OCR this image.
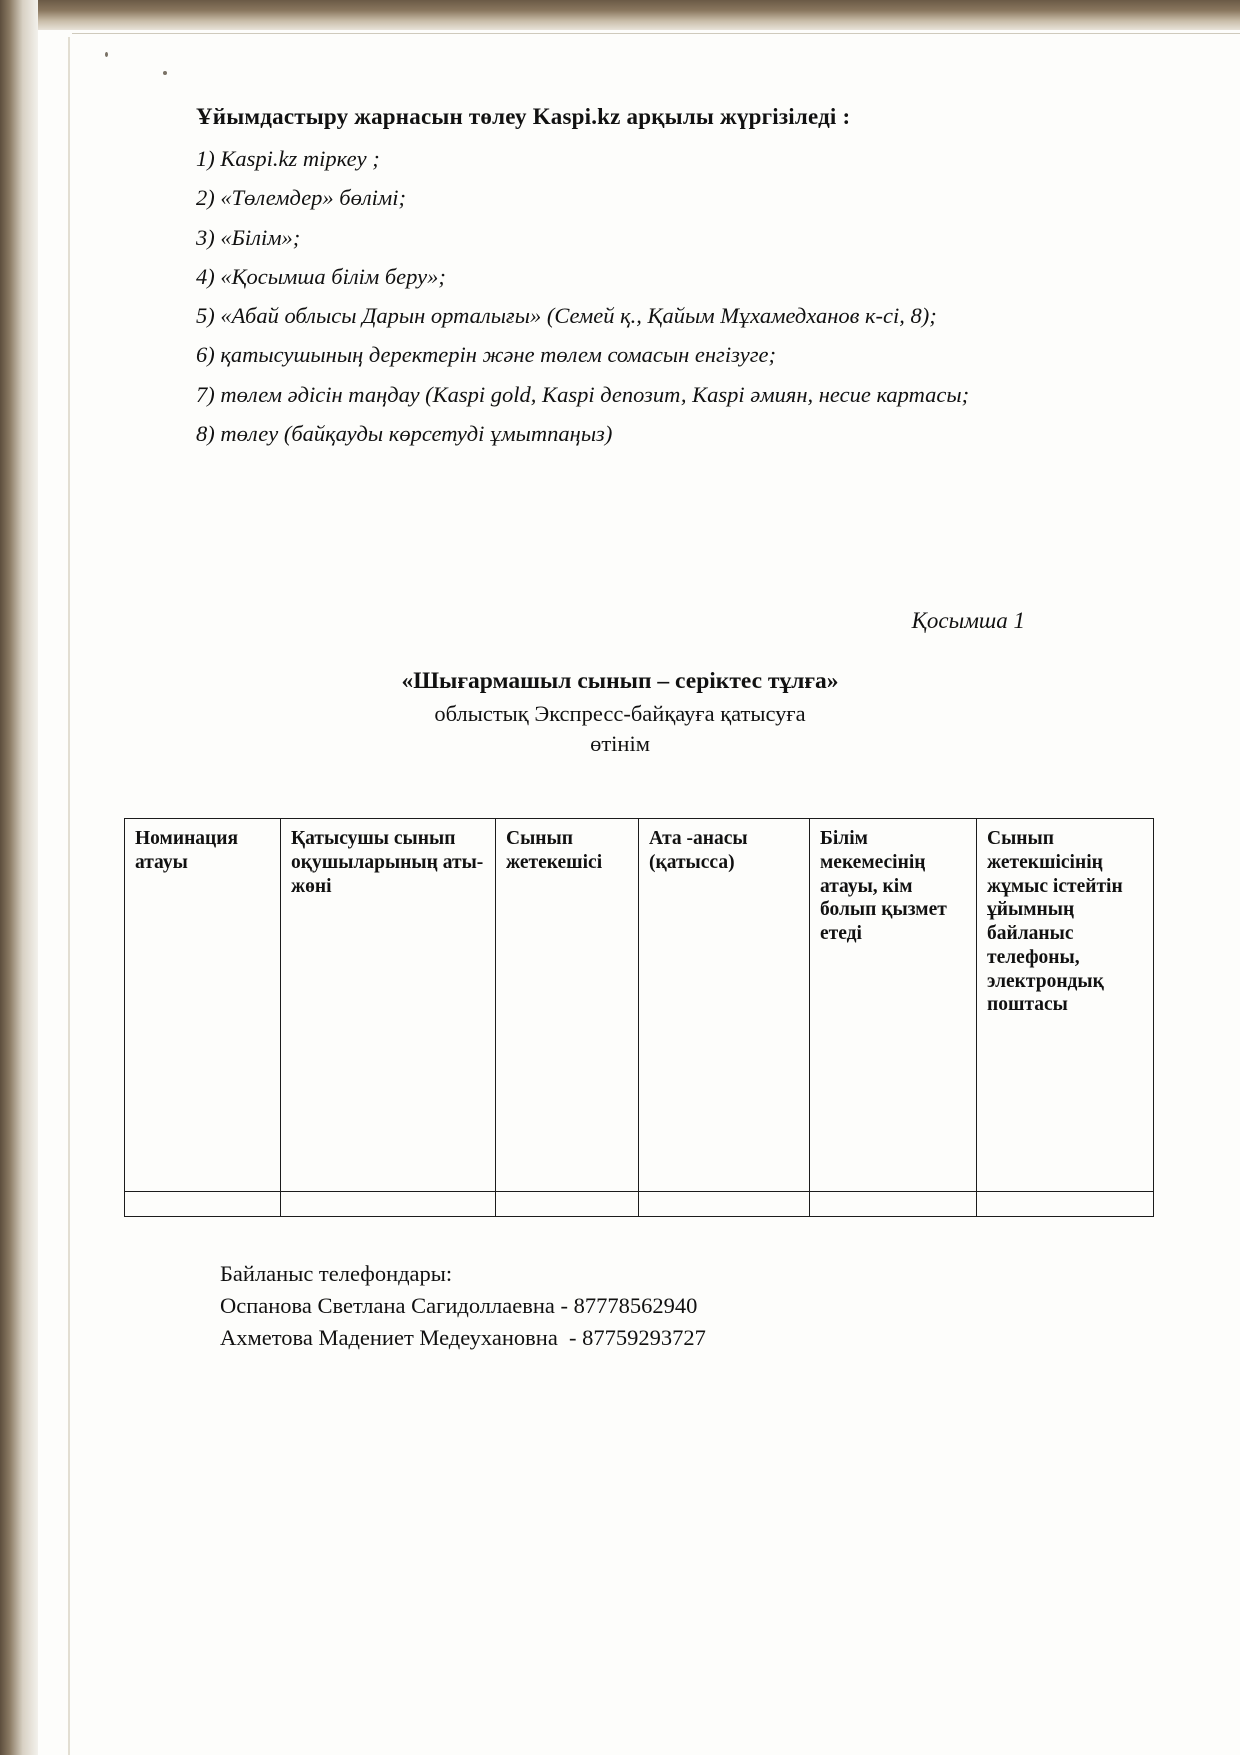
Ұйымдастыру жарнасын төлеу Kaspi.kz арқылы жүргізіледі :

1) Kaspi.kz тіркеу ;

2) «Төлемдер» бөлімі;

3) «Білім»;

4) «Қосымша білім беру»;

5) «Абай облысы Дарын орталығы» (Семей қ., Қайым Мұхамедханов к-сі, 8);

6) қатысушының деректерін және төлем сомасын енгізуге;

7) төлем әдісін таңдау (Kaspi gold, Kaspi депозит, Kaspi әмиян, несие картасы;

8) төлеу (байқауды көрсетуді ұмытпаңыз)

Қосымша 1
«Шығармашыл сынып – серіктес тұлға»
облыстық Экспресс-байқауға қатысуға
өтінім
Номинация атауы	Қатысушы сынып оқушыларының аты-жөні	Сынып жетекешісі	Ата -анасы (қатысса)	Білім мекемесінің атауы, кім болып қызмет етеді	Сынып жетекшісінің жұмыс істейтін ұйымның байланыс телефоны, электрондық поштасы

Байланыс телефондары:
Оспанова Светлана Сагидоллаевна - 87778562940
Ахметова Мадениет Медеухановна  - 87759293727
